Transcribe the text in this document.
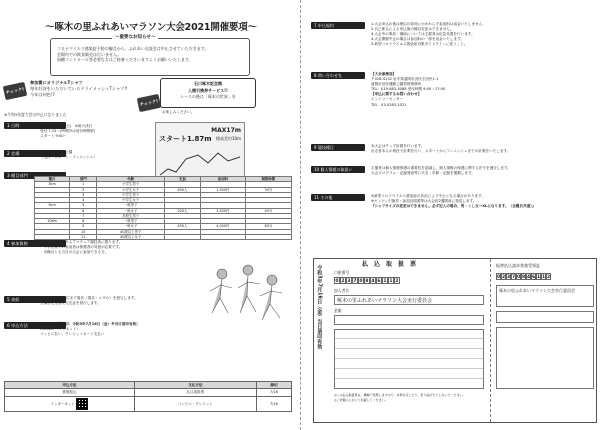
～啄木の里ふれあいマラソン大会2021開催要項～
コロナウイルス感染症予防の観点から、ふれあい交流会は中止させていただきます。
会場内での飲食販売は行いません。
血糖コントロール等必要な方はご持参くださいますようお願いいたします。
～重要なお知らせ～
チェック!
参加賞にオリジナルTシャツ
毎年好評をいただいているドライメッシュTシャツ!!
今年は何色!?
石川啄木記念館
入館引換券サービス!!
レースの後は「啄木の世界」を
チェック!
お楽しみください。
※令和3年度大会は中止になりました
1 日時	令和3年9月5日(日)　※雨天決行
受付 7:15～(時間外は受付時間帯)
スタート 9:00～
2 会場	盛岡市渋民運動公園
（受付・スタート・フィニッシュ）
スタート1.87m
MAX17m
標高差約10m
3 種目部門
種目	部門	年齢	定員	参加料	制限時間
3km	1	小学生男子			
	2	小学生女子	400人	1,500円	30分
	3	中学生男子			
	4	中学生女子			
5km	5	一般男子			
	6	一般女子	200人	3,500円	40分
	7	高校生男子			
10km	8	一般男子			
	9	一般女子	450人	4,000円	80分
	10	40歳以上男子			
	11	40歳以上女子			
4 参加資格	・健康に自信のあるアマチュア競技者に限ります。
・中学生以下の参加者は保護者の同意が必要です。
・各種目とも当日の大会に参加できる方。
5 表彰	各種目1位から3位まで賞状（賞状・メダル）を授与します。
全種目完走者に完走証を発行します。
6 申込方法	郵便振込（除締切：令和3年7月16日（金）※当日消印有効）
RUNNET（ランネット）
コンビニ払い、クレジットカード支払い
申込方法	支払方法	締切
郵便振込	払込取扱票	7/16
インターネット	コンビニ・クレジット	7/16
7 申込規約	1.大会申込の後は理由の如何にかかわらず参加料は返金いたしません。
2.自己都合による申込後の種目変更はできません。
3.大会中の事故・傷病については主催者は応急処置を行います。
4.大会開催中止の場合は参加料の一部を返金いたします。
5.新型コロナウイルス感染症対策ガイドラインに従うこと。
8 問い合わせ先	【大会事務局】
〒028-4132 岩手県盛岡市渋民字渋民1-1
盛岡市渋民運動公園管理事務所
TEL：019-683-3088 受付時間 9:00～17:00
【申込に関するお問い合わせ】
エントリーセンター
TEL：03-5283-1021
9 競技種目	本大会はチップ計測を行います。
出走者本人の責任で計測を行い、スタートからフィニッシュまでの計測をいたします。
10 個人情報の取扱い	主催者は個人情報保護の重要性を認識し、個人情報の保護に関する法令を遵守します。
大会プログラム・記録発表等に氏名・年齢・記録を掲載します。
11 その他	※新型コロナウイルス感染症の状況により中止となる場合があります。
※ゼッケン引換券・参加証明書等は大会約2週間前に発送します。
『シャツサイズの変更はできません。必ず記入の場合、男・くし女～XLになります。（全種目共通）』
令和3年7月16日（金）当日消印有効
払　込　取　扱　票
口座番号
0 2 3 7 0 8 4 6 1 1 2
加入者名
啄木の里ふれあいマラソン大会実行委員会
金額
◎この払込取扱票は、機械で処理しますので、本票を汚したり、折り曲げたりしないでください。
◎ご依頼人において記載してください。
振替払込請求書兼受領証
0 2 3 7 0 8 4 6 1 1 2
啄木の里ふれあいマラソン大会実行委員会
